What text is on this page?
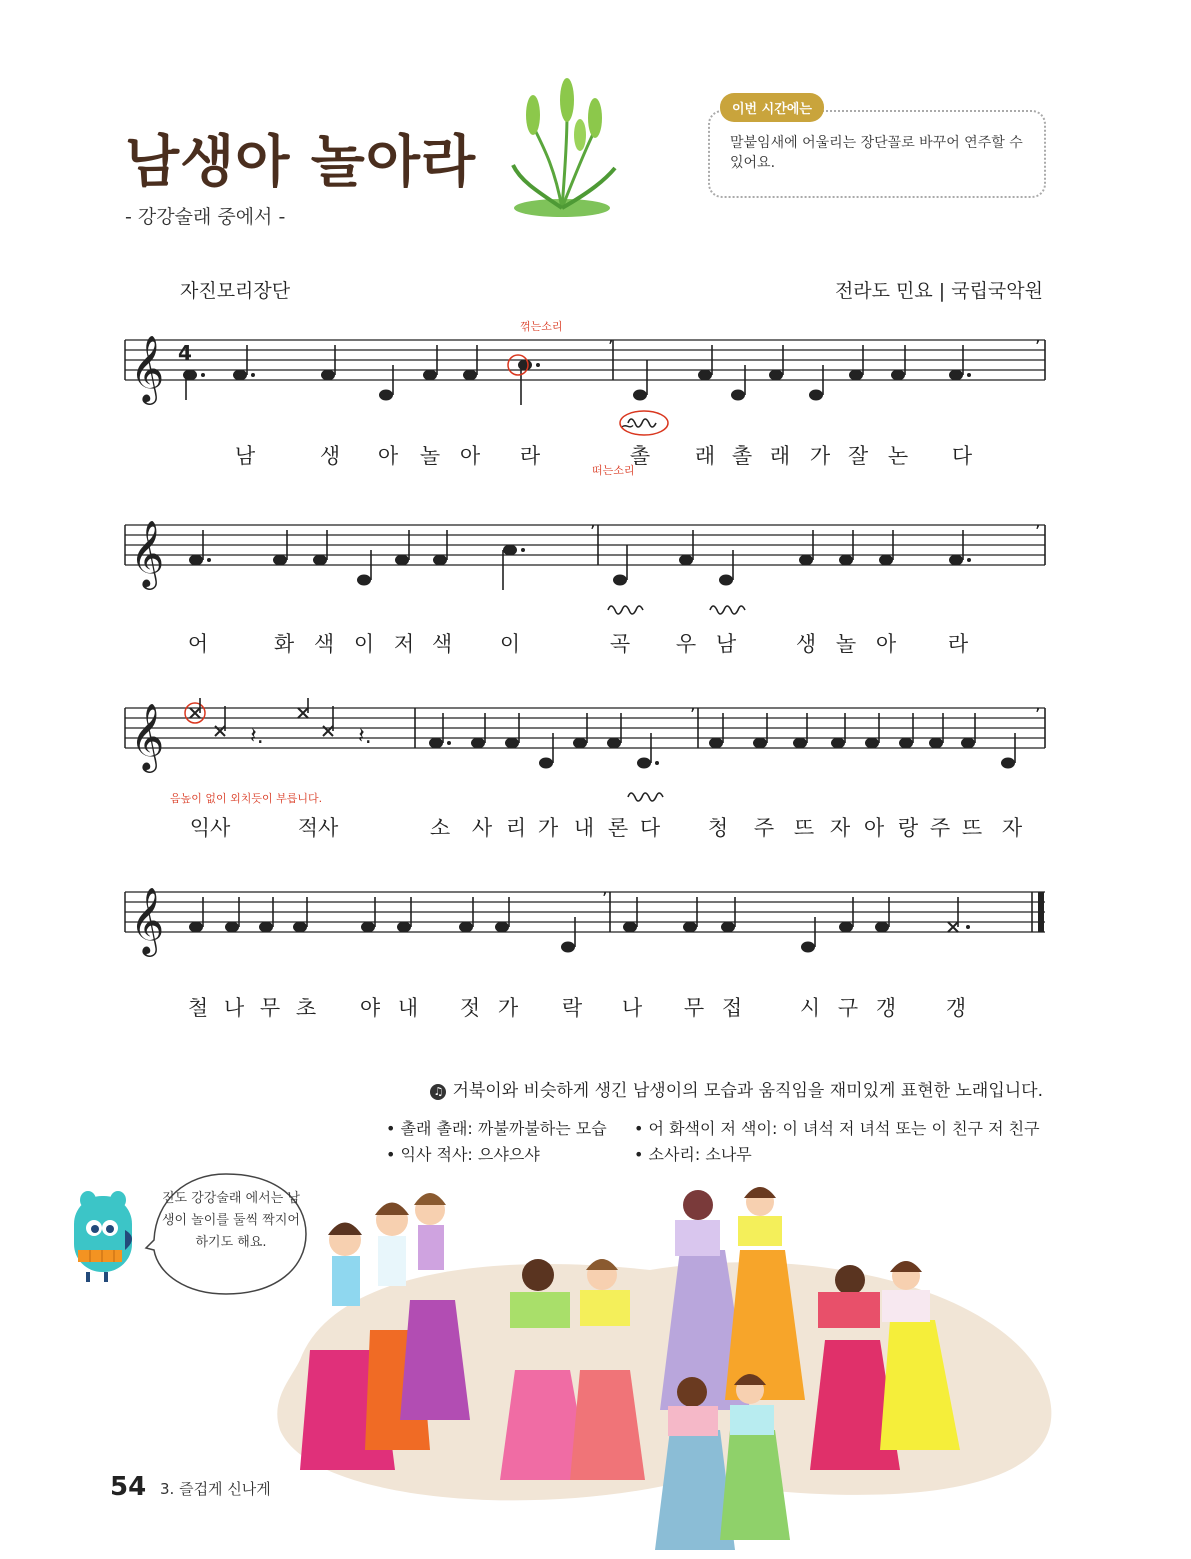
남생아 놀아라
- 강강술래 중에서 -
이번 시간에는
말붙임새에 어울리는 장단꼴로 바꾸어 연주할 수 있어요.
자진모리장단	전라도 민요 | 국립국악원
𝄞 4
,	,
~
꺾는소리
떠는소리
남	생 아 놀 아 라	촐 래 촐 래 가 잘 논 다
𝄞	,	,
어	화 색 이 저 색 이	곡 우 남	생 놀 아 라
𝄞	𝄽.	𝄽.
,	,
음높이 없이 외치듯이 부릅니다.
익사	적사	소 사 리 가 내 론 다 청 주 뜨 자 아 랑 주 뜨 자
𝄞	,
철 나 무 초 야 내 젓 가 락 나 무 접	시 구 갱 갱
♫ 거북이와 비슷하게 생긴 남생이의 모습과 움직임을 재미있게 표현한 노래입니다.
• 촐래 촐래: 까불까불하는 모습 • 어 화색이 저 색이: 이 녀석 저 녀석 또는 이 친구 저 친구
• 익사 적사: 으샤으샤	• 소사리: 소나무
진도 강강술래 에서는 남생이 놀이를 둘씩 짝지어 하기도 해요.
54 3. 즐겁게 신나게
